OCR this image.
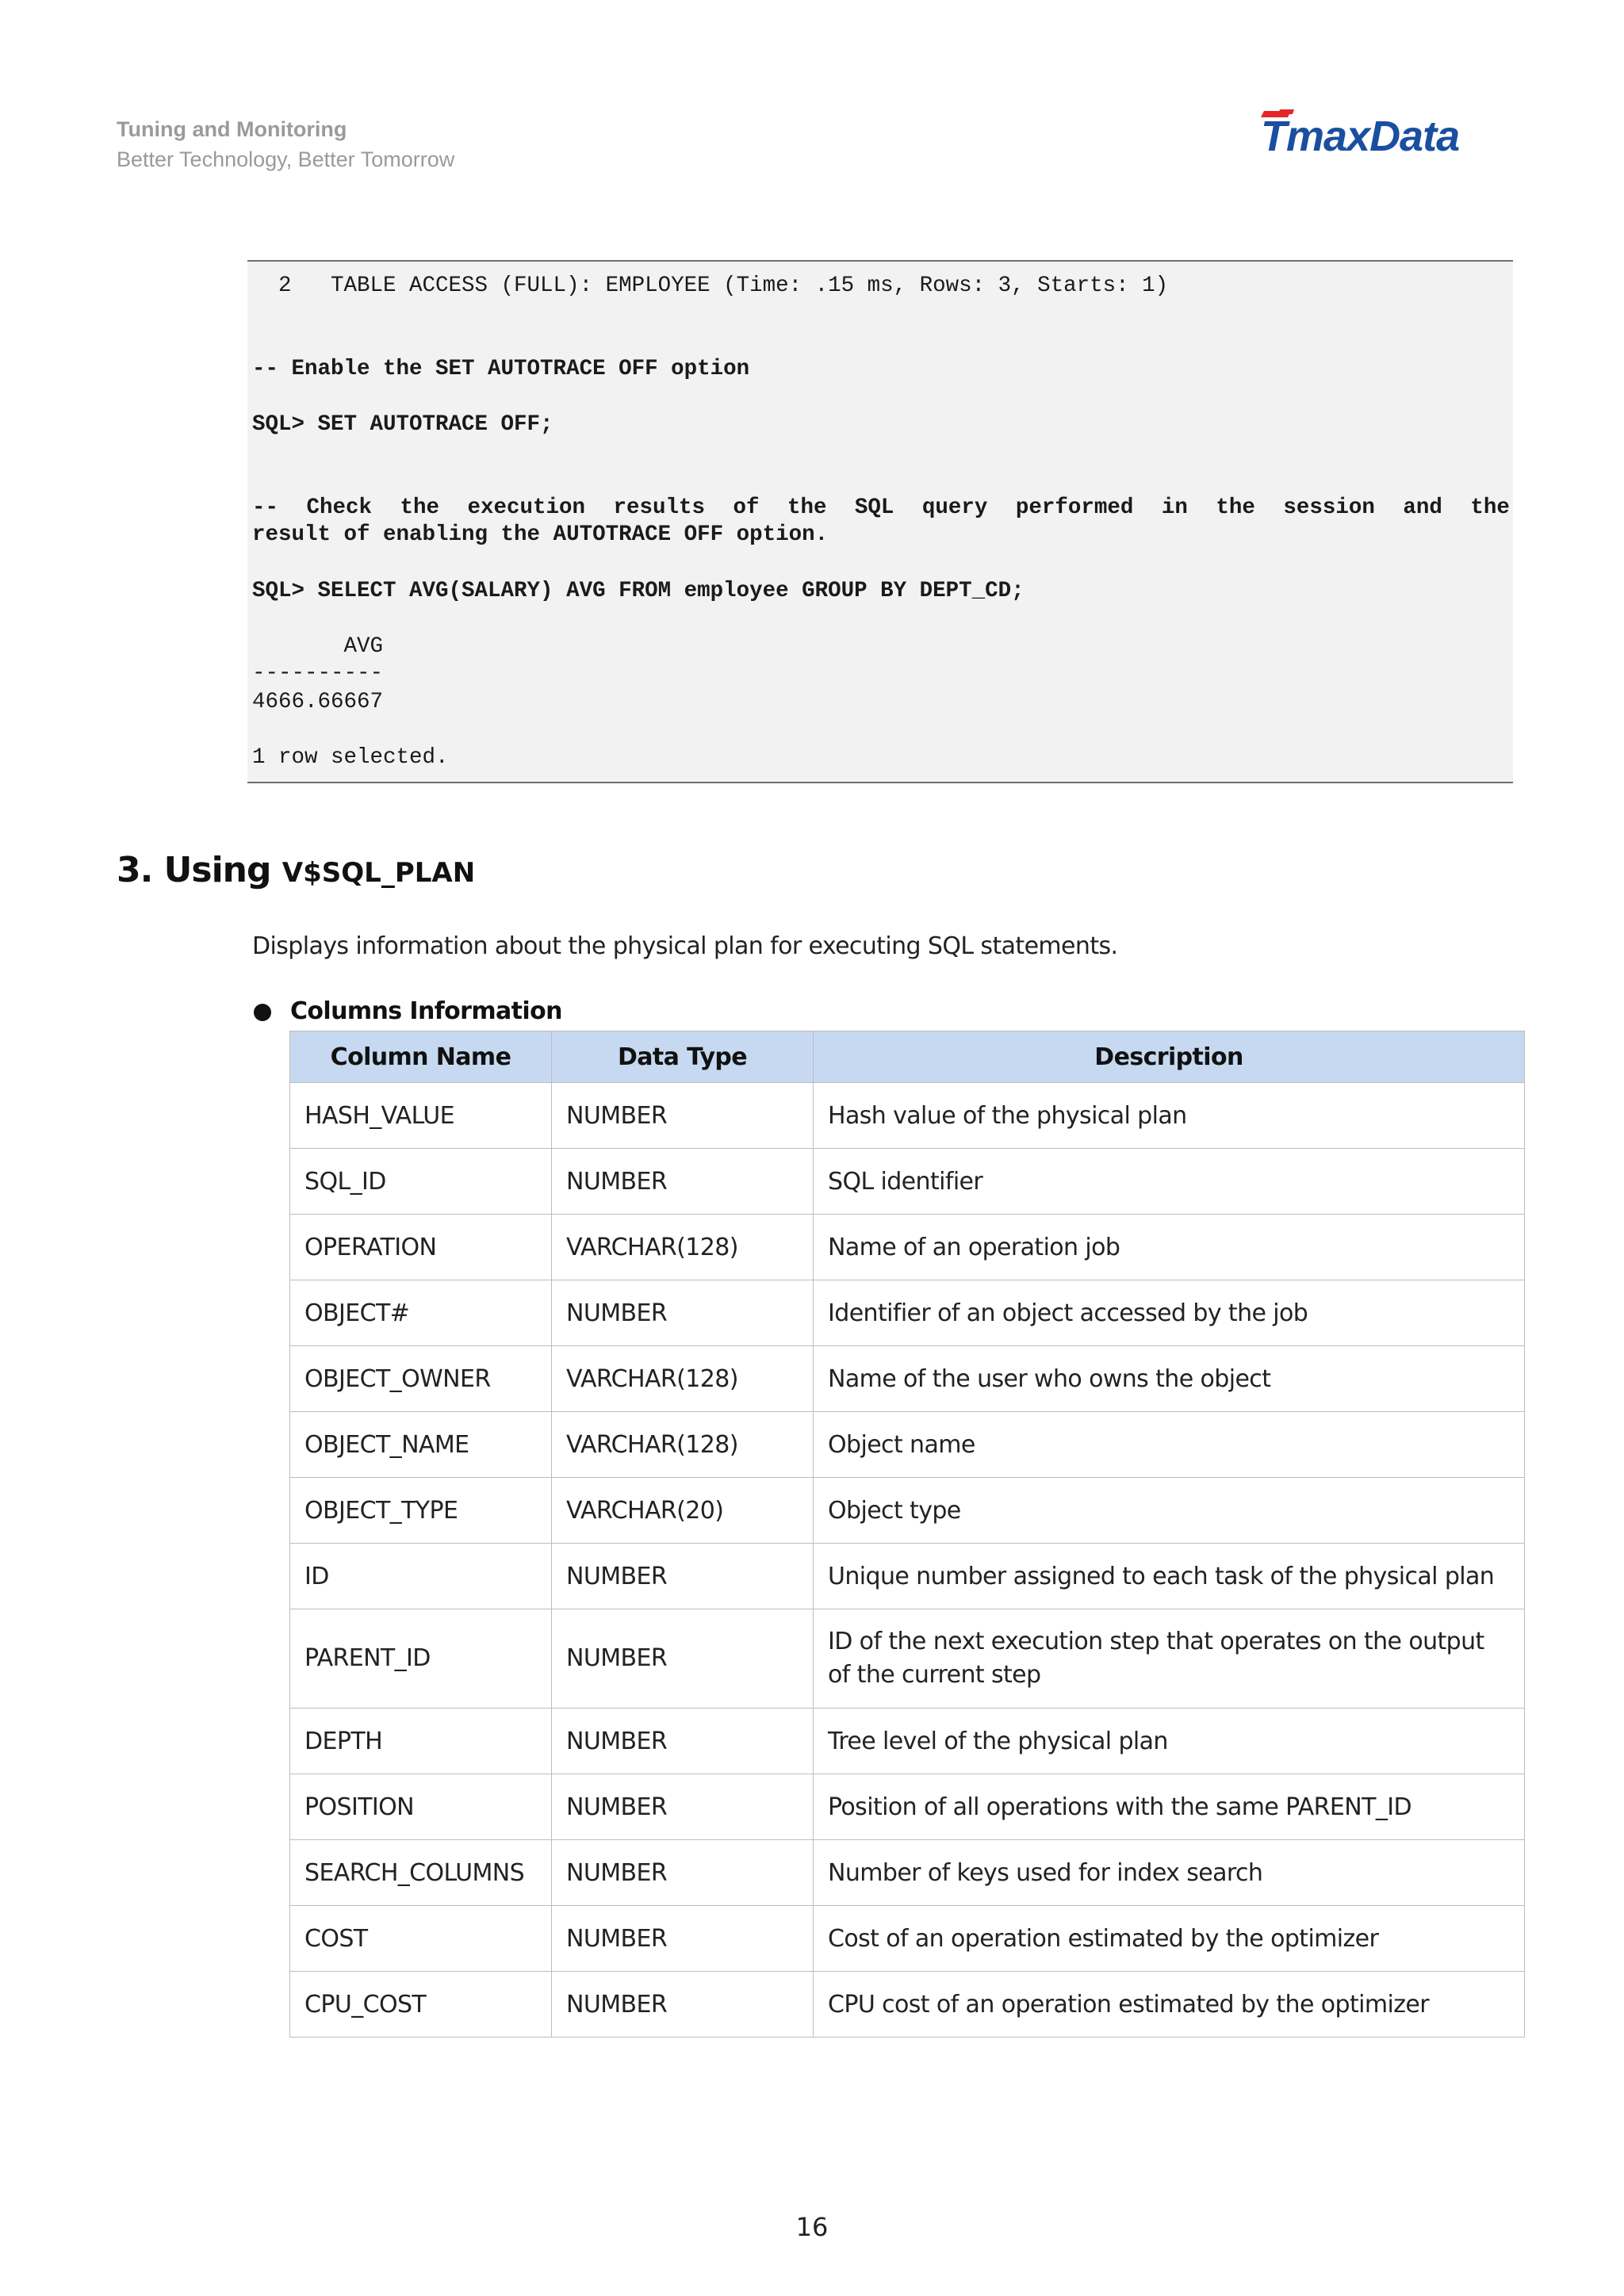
Tuning and Monitoring
Better Technology, Better Tomorrow	TmaxData
2   TABLE ACCESS (FULL): EMPLOYEE (Time: .15 ms, Rows: 3, Starts: 1)
-- Enable the SET AUTOTRACE OFF option
SQL> SET AUTOTRACE OFF;
-- Check the execution results of the SQL query performed in the session and the
result of enabling the AUTOTRACE OFF option.
SQL> SELECT AVG(SALARY) AVG FROM employee GROUP BY DEPT_CD;
AVG
----------
4666.66667
1 row selected.
3. Using V$SQL_PLAN
Displays information about the physical plan for executing SQL statements.
Columns Information
Column Name	Data Type	Description
HASH_VALUE	NUMBER	Hash value of the physical plan
SQL_ID	NUMBER	SQL identifier
OPERATION	VARCHAR(128)	Name of an operation job
OBJECT#	NUMBER	Identifier of an object accessed by the job
OBJECT_OWNER	VARCHAR(128)	Name of the user who owns the object
OBJECT_NAME	VARCHAR(128)	Object name
OBJECT_TYPE	VARCHAR(20)	Object type
ID	NUMBER	Unique number assigned to each task of the physical plan
PARENT_ID	NUMBER	ID of the next execution step that operates on the output of the current step
DEPTH	NUMBER	Tree level of the physical plan
POSITION	NUMBER	Position of all operations with the same PARENT_ID
SEARCH_COLUMNS	NUMBER	Number of keys used for index search
COST	NUMBER	Cost of an operation estimated by the optimizer
CPU_COST	NUMBER	CPU cost of an operation estimated by the optimizer
16
